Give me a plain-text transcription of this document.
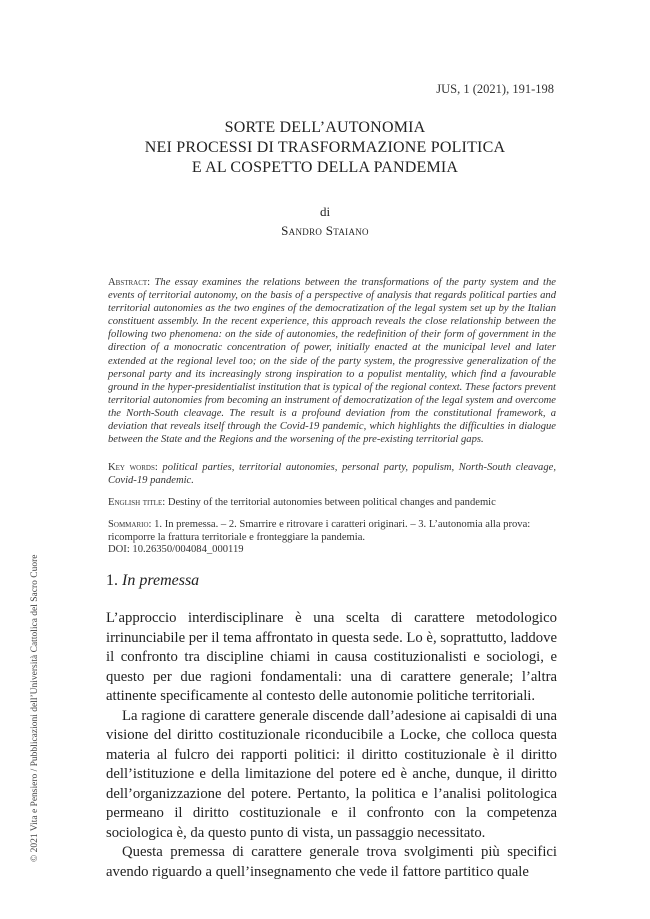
JUS, 1 (2021), 191-198
SORTE DELL’AUTONOMIA
NEI PROCESSI DI TRASFORMAZIONE POLITICA
E AL COSPETTO DELLA PANDEMIA
di
Sandro Staiano
Abstract: The essay examines the relations between the transformations of the party system and the events of territorial autonomy, on the basis of a perspective of analysis that regards political parties and territorial autonomies as the two engines of the democratization of the legal system set up by the Italian constituent assembly. In the recent experience, this approach reveals the close relationship between the following two phenomena: on the side of autonomies, the redefinition of their form of government in the direction of a monocratic concentration of power, initially enacted at the municipal level and later extended at the regional level too; on the side of the party system, the progressive generalization of the personal party and its increasingly strong inspiration to a populist mentality, which find a favourable ground in the hyper-presidentialist institution that is typical of the regional context. These factors prevent territorial autonomies from becoming an instrument of democratization of the legal system and overcome the North-South cleavage. The result is a profound deviation from the constitutional framework, a deviation that reveals itself through the Covid-19 pandemic, which highlights the difficulties in dialogue between the State and the Regions and the worsening of the pre-existing territorial gaps.
Key words: political parties, territorial autonomies, personal party, populism, North-South cleavage, Covid-19 pandemic.
English title: Destiny of the territorial autonomies between political changes and pandemic
Sommario: 1. In premessa. – 2. Smarrire e ritrovare i caratteri originari. – 3. L’autonomia alla prova: ricomporre la frattura territoriale e fronteggiare la pandemia.
DOI: 10.26350/004084_000119
1. In premessa

L’approccio interdisciplinare è una scelta di carattere metodologico irrinunciabile per il tema affrontato in questa sede. Lo è, soprattutto, laddove il confronto tra discipline chiami in causa costituzionalisti e sociologi, e questo per due ragioni fondamentali: una di carattere generale; l’altra attinente specificamente al contesto delle autonomie politiche territoriali.

La ragione di carattere generale discende dall’adesione ai capisaldi di una visione del diritto costituzionale riconducibile a Locke, che colloca questa materia al fulcro dei rapporti politici: il diritto costituzionale è il diritto dell’istituzione e della limitazione del potere ed è anche, dunque, il diritto dell’organizzazione del potere. Pertanto, la politica e l’analisi politologica permeano il diritto costituzionale e il confronto con la competenza sociologica è, da questo punto di vista, un passaggio necessitato.

Questa premessa di carattere generale trova svolgimenti più specifici avendo riguardo a quell’insegnamento che vede il fattore partitico quale

© 2021 Vita e Pensiero / Pubblicazioni dell’Università Cattolica del Sacro Cuore
